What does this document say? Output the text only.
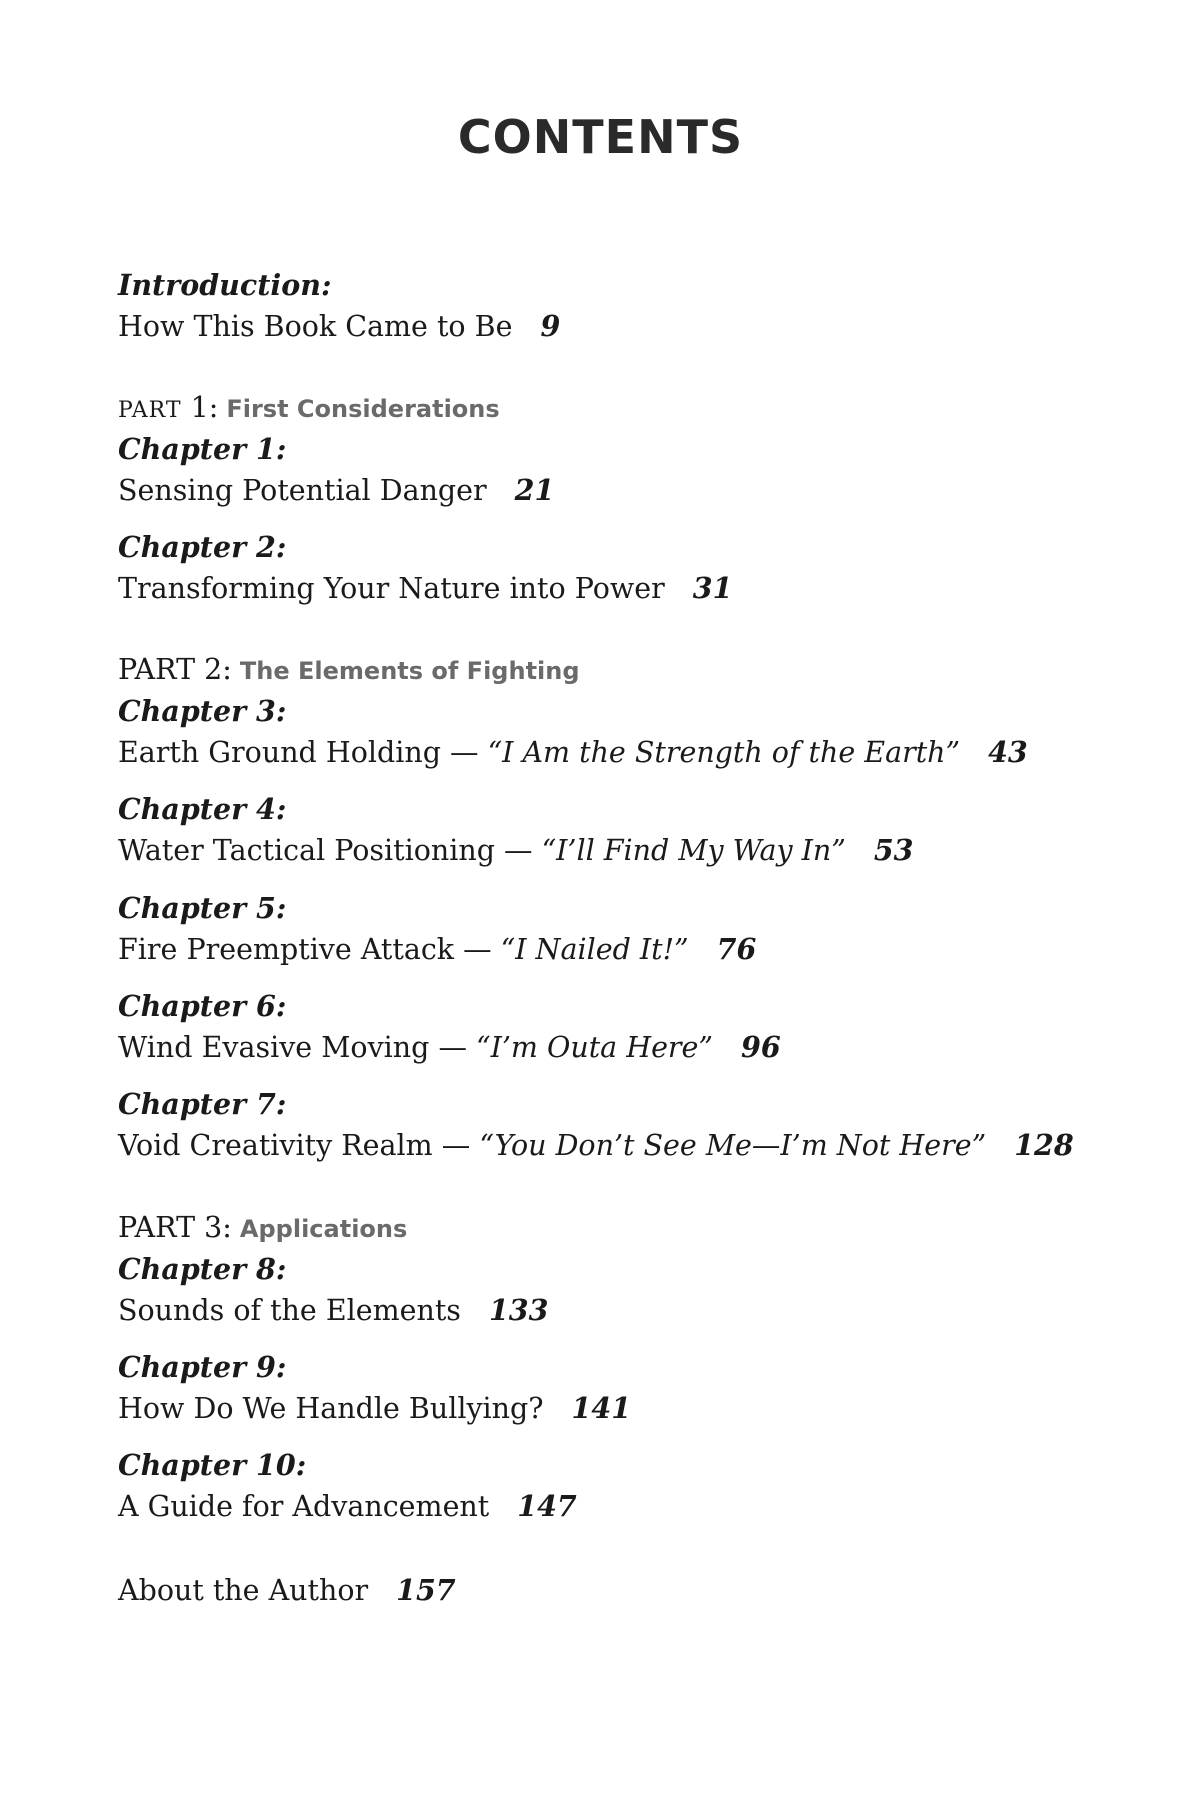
CONTENTS
Introduction:
How This Book Came to Be 9
PART 1: First Considerations
Chapter 1:
Sensing Potential Danger 21
Chapter 2:
Transforming Your Nature into Power 31
PART 2: The Elements of Fighting
Chapter 3:
Earth Ground Holding — “I Am the Strength of the Earth” 43
Chapter 4:
Water Tactical Positioning — “I’ll Find My Way In” 53
Chapter 5:
Fire Preemptive Attack — “I Nailed It!” 76
Chapter 6:
Wind Evasive Moving — “I’m Outa Here” 96
Chapter 7:
Void Creativity Realm — “You Don’t See Me—I’m Not Here” 128
PART 3: Applications
Chapter 8:
Sounds of the Elements 133
Chapter 9:
How Do We Handle Bullying? 141
Chapter 10:
A Guide for Advancement 147
About the Author 157
